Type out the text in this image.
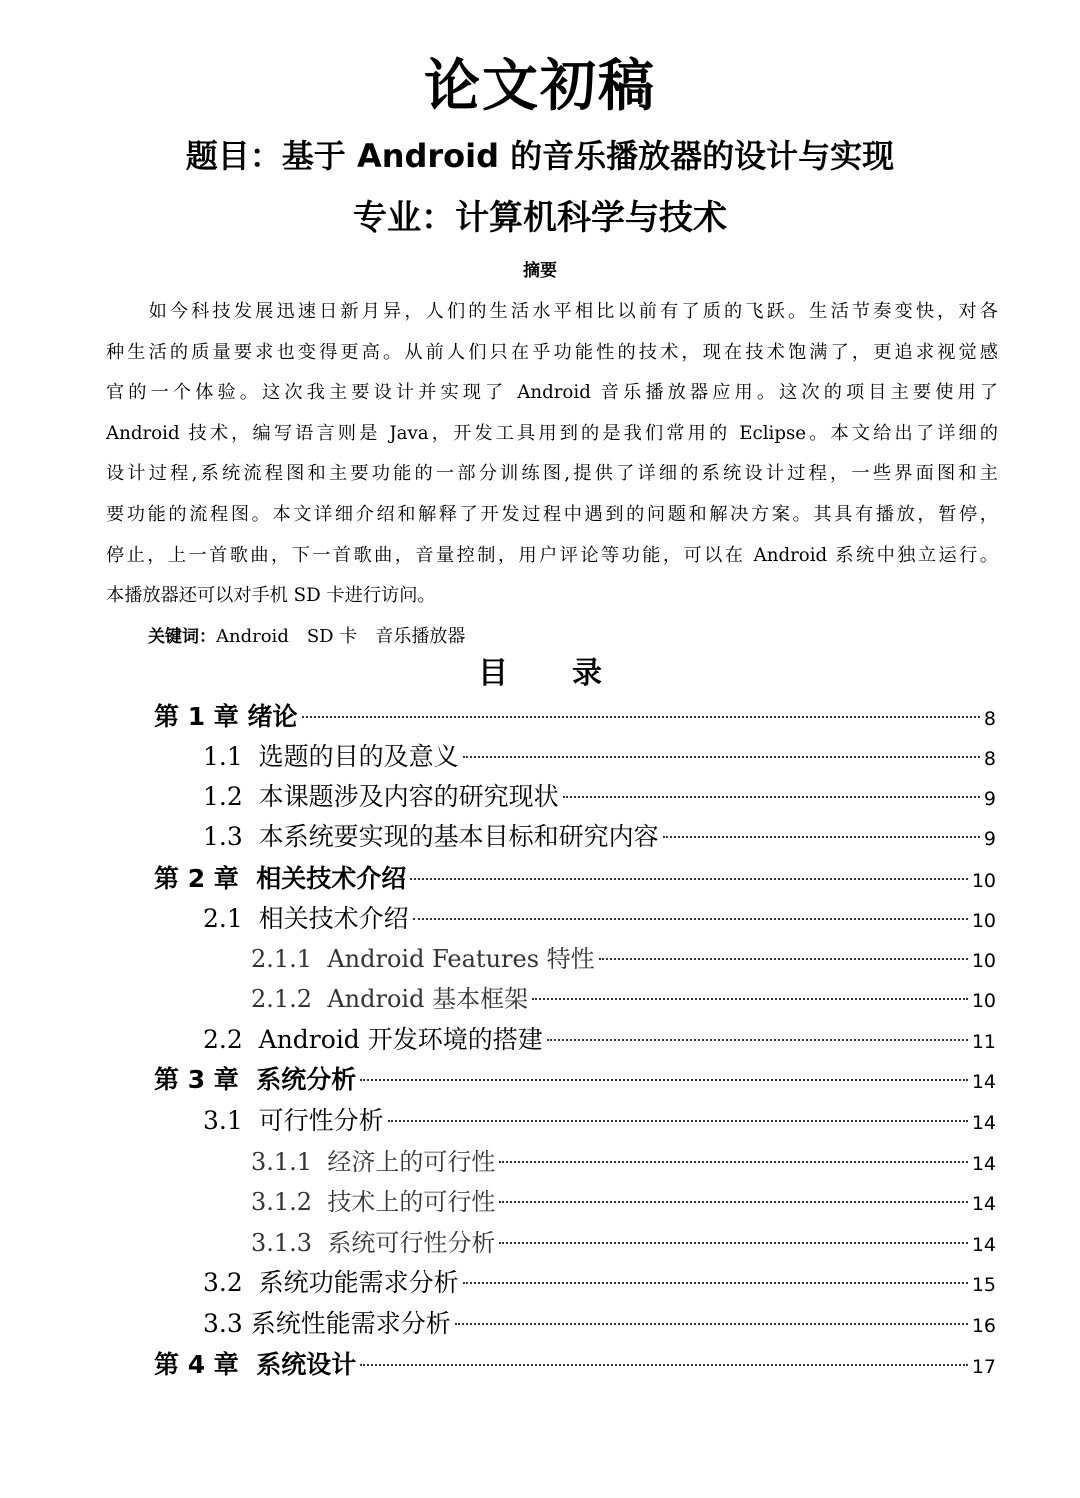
论文初稿
题目：基于 Android 的音乐播放器的设计与实现
专业：计算机科学与技术
摘要
　　如今科技发展迅速日新月异，人们的生活水平相比以前有了质的飞跃。生活节奏变快，对各
种生活的质量要求也变得更高。从前人们只在乎功能性的技术，现在技术饱满了，更追求视觉感
官的一个体验。这次我主要设计并实现了 Android 音乐播放器应用。这次的项目主要使用了
Android 技术，编写语言则是 Java，开发工具用到的是我们常用的 Eclipse。本文给出了详细的
设计过程,系统流程图和主要功能的一部分训练图,提供了详细的系统设计过程，一些界面图和主
要功能的流程图。本文详细介绍和解释了开发过程中遇到的问题和解决方案。其具有播放，暂停，
停止，上一首歌曲，下一首歌曲，音量控制，用户评论等功能，可以在 Android 系统中独立运行。
本播放器还可以对手机 SD 卡进行访问。
关键词：Android　SD 卡　音乐播放器
目录
第 1 章 绪论	8
1.1  选题的目的及意义	8
1.2  本课题涉及内容的研究现状	9
1.3  本系统要实现的基本目标和研究内容	9
第 2 章  相关技术介绍	10
2.1  相关技术介绍	10
2.1.1  Android Features 特性	10
2.1.2  Android 基本框架	10
2.2  Android 开发环境的搭建	11
第 3 章  系统分析	14
3.1  可行性分析	14
3.1.1  经济上的可行性	14
3.1.2  技术上的可行性	14
3.1.3  系统可行性分析	14
3.2  系统功能需求分析	15
3.3 系统性能需求分析	16
第 4 章  系统设计	17
